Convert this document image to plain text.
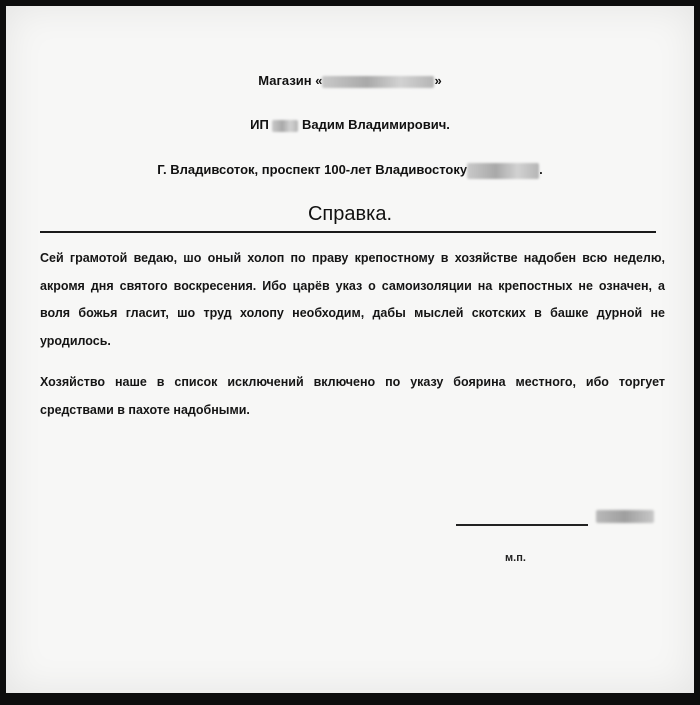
Магазин «	»
ИП	Вадим Владимирович.
Г. Владивсоток, проспект 100-лет Владивостоку	.
Справка.
Сей грамотой ведаю, шо оный холоп по праву крепостному в хозяйстве надобен всю неделю, акромя дня святого воскресения. Ибо царёв указ о самоизоляции на крепостных не означен, а воля божья гласит, шо труд холопу необходим, дабы мыслей скотских в башке дурной не уродилось.
Хозяйство наше в список исключений включено по указу боярина местного, ибо торгует средствами в пахоте надобными.
м.п.
